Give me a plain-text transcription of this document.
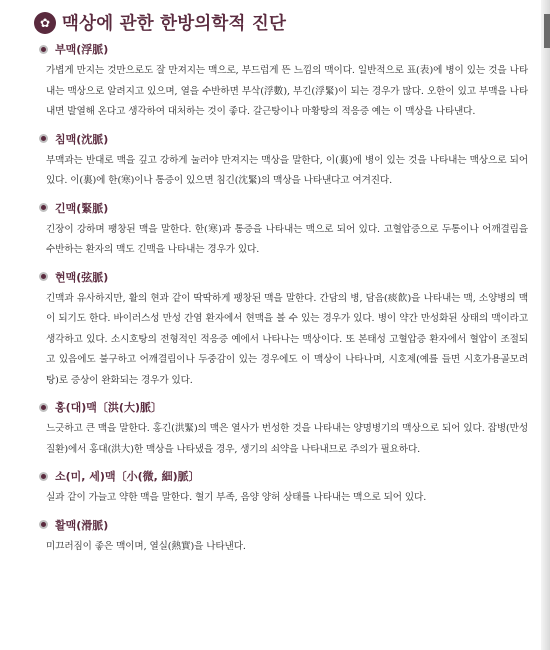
✿ 맥상에 관한 한방의학적 진단
부맥(浮脈)
가볍게 만지는 것만으로도 잘 만져지는 맥으로, 부드럽게 뜬 느낌의 맥이다. 일반적으로 표(表)에 병이 있는 것을 나타내는 맥상으로 알려지고 있으며, 열을 수반하면 부삭(浮數), 부긴(浮緊)이 되는 경우가 많다. 오한이 있고 부맥을 나타내면 발열해 온다고 생각하여 대처하는 것이 좋다. 갈근탕이나 마황탕의 적응증 예는 이 맥상을 나타낸다.
침맥(沈脈)
부맥과는 반대로 맥을 깊고 강하게 눌러야 만져지는 맥상을 말한다, 이(裏)에 병이 있는 것을 나타내는 맥상으로 되어 있다. 이(裏)에 한(寒)이나 통증이 있으면 침긴(沈緊)의 맥상을 나타낸다고 여겨진다.
긴맥(緊脈)
긴장이 강하며 팽창된 맥을 말한다. 한(寒)과 통증을 나타내는 맥으로 되어 있다. 고혈압증으로 두통이나 어깨결림을 수반하는 환자의 맥도 긴맥을 나타내는 경우가 있다.
현맥(弦脈)
긴맥과 유사하지만, 활의 현과 같이 딱딱하게 팽창된 맥을 말한다. 간담의 병, 담음(痰飮)을 나타내는 맥, 소양병의 맥이 되기도 한다. 바이러스성 만성 간염 환자에서 현맥을 볼 수 있는 경우가 있다. 병이 약간 만성화된 상태의 맥이라고 생각하고 있다. 소시호탕의 전형적인 적응증 예에서 나타나는 맥상이다. 또 본태성 고혈압증 환자에서 혈압이 조절되고 있음에도 불구하고 어깨결림이나 두중감이 있는 경우에도 이 맥상이 나타나며, 시호제(예를 들면 시호가용골모려탕)로 증상이 완화되는 경우가 있다.
홍(대)맥〔洪(大)脈〕
느긋하고 큰 맥을 말한다. 홍긴(洪緊)의 맥은 열사가 번성한 것을 나타내는 양명병기의 맥상으로 되어 있다. 잡병(만성 질환)에서 홍대(洪大)한 맥상을 나타냈을 경우, 생기의 쇠약을 나타내므로 주의가 필요하다.
소(미, 세)맥〔小(微, 細)脈〕
실과 같이 가늘고 약한 맥을 말한다. 혈기 부족, 음양 양허 상태를 나타내는 맥으로 되어 있다.
활맥(滑脈)
미끄러짐이 좋은 맥이며, 열실(熱實)을 나타낸다.
